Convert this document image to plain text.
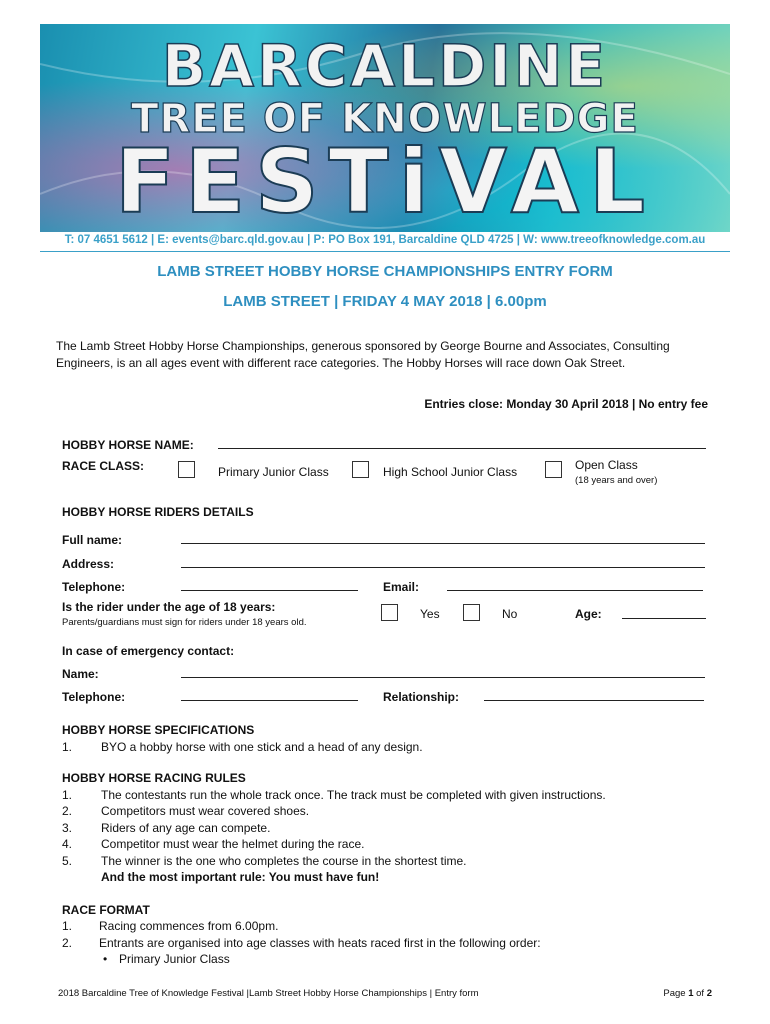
BARCALDINE
TREE OF KNOWLEDGE
FESTiVAL
T: 07 4651 5612 | E: events@barc.qld.gov.au | P: PO Box 191, Barcaldine QLD 4725 | W: www.treeofknowledge.com.au
LAMB STREET HOBBY HORSE CHAMPIONSHIPS ENTRY FORM
LAMB STREET | FRIDAY 4 MAY 2018 | 6.00pm
The Lamb Street Hobby Horse Championships, generous sponsored by George Bourne and Associates, Consulting Engineers, is an all ages event with different race categories. The Hobby Horses will race down Oak Street.
Entries close: Monday 30 April 2018 | No entry fee
HOBBY HORSE NAME:
RACE CLASS:	Primary Junior Class	High School Junior Class	Open Class
(18 years and over)
HOBBY HORSE RIDERS DETAILS
Full name:
Address:
Telephone:	Email:
Is the rider under the age of 18 years:
Parents/guardians must sign for riders under 18 years old.
Yes	No	Age:
In case of emergency contact:
Name:
Telephone:	Relationship:
HOBBY HORSE SPECIFICATIONS
1. BYO a hobby horse with one stick and a head of any design.
HOBBY HORSE RACING RULES
1. The contestants run the whole track once. The track must be completed with given instructions.
2. Competitors must wear covered shoes.
3. Riders of any age can compete.
4. Competitor must wear the helmet during the race.
5. The winner is the one who completes the course in the shortest time.
And the most important rule: You must have fun!
RACE FORMAT
1. Racing commences from 6.00pm.
2. Entrants are organised into age classes with heats raced first in the following order:
• Primary Junior Class
2018 Barcaldine Tree of Knowledge Festival |Lamb Street Hobby Horse Championships | Entry form	Page 1 of 2
